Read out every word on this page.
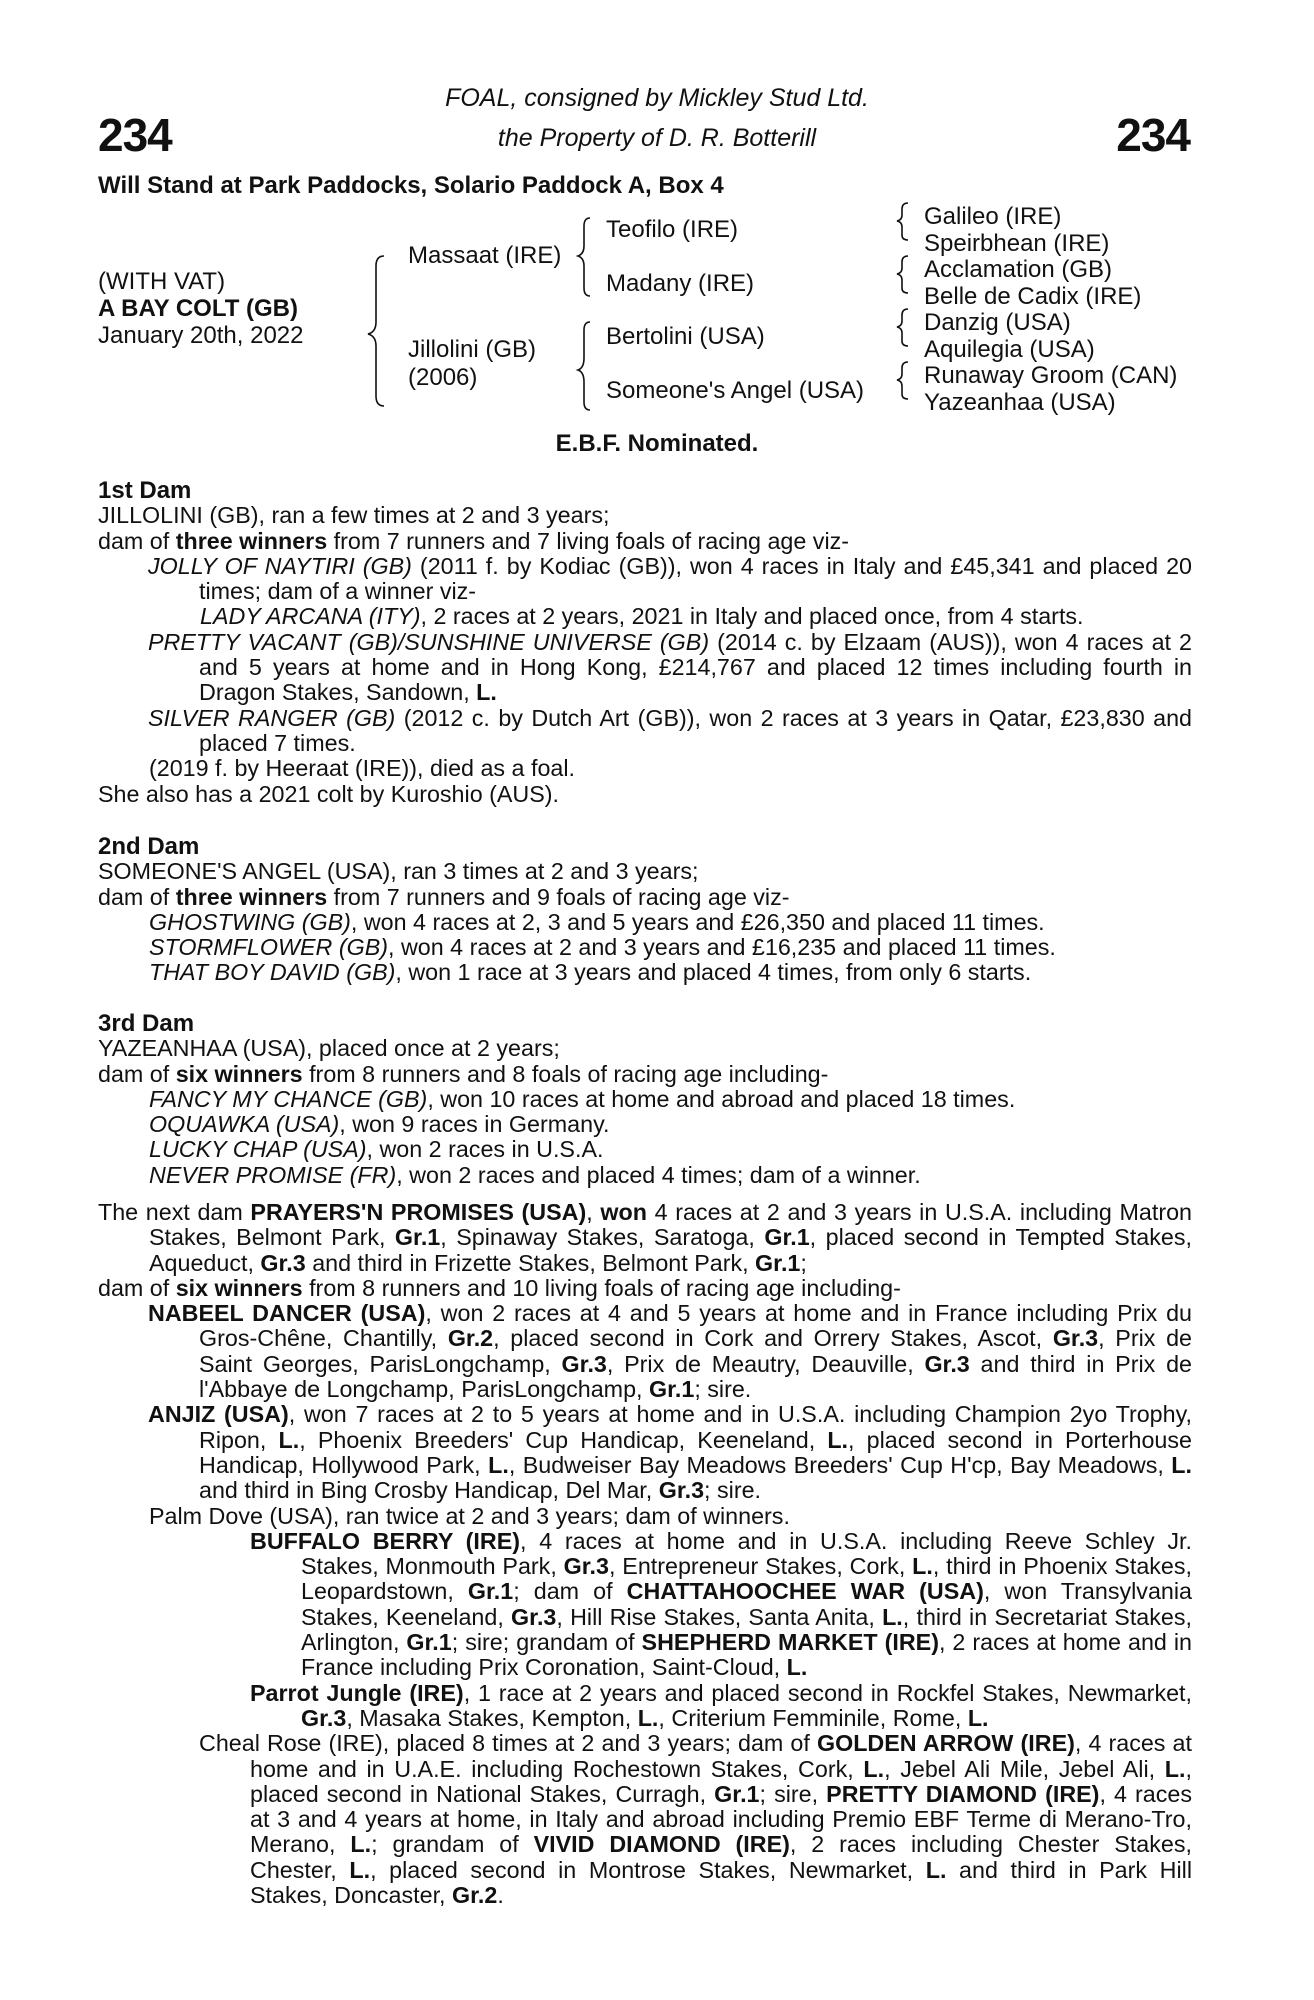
234	234
FOAL, consigned by Mickley Stud Ltd.
the Property of D. R. Botterill
Will Stand at Park Paddocks, Solario Paddock A, Box 4
(WITH VAT)
A BAY COLT (GB)
January 20th, 2022
Massaat (IRE)
Jillolini (GB)
(2006)
Teofilo (IRE)
Madany (IRE)
Bertolini (USA)
Someone's Angel (USA)
Galileo (IRE)
Speirbhean (IRE)
Acclamation (GB)
Belle de Cadix (IRE)
Danzig (USA)
Aquilegia (USA)
Runaway Groom (CAN)
Yazeanhaa (USA)
E.B.F. Nominated.

1st Dam

JILLOLINI (GB), ran a few times at 2 and 3 years;

dam of three winners from 7 runners and 7 living foals of racing age viz-

JOLLY OF NAYTIRI (GB) (2011 f. by Kodiac (GB)), won 4 races in Italy and £45,341 and placed 20 times; dam of a winner viz-

LADY ARCANA (ITY), 2 races at 2 years, 2021 in Italy and placed once, from 4 starts.

PRETTY VACANT (GB)/SUNSHINE UNIVERSE (GB) (2014 c. by Elzaam (AUS)), won 4 races at 2 and 5 years at home and in Hong Kong, £214,767 and placed 12 times including fourth in Dragon Stakes, Sandown, L.

SILVER RANGER (GB) (2012 c. by Dutch Art (GB)), won 2 races at 3 years in Qatar, £23,830 and placed 7 times.

(2019 f. by Heeraat (IRE)), died as a foal.

She also has a 2021 colt by Kuroshio (AUS).

2nd Dam

SOMEONE'S ANGEL (USA), ran 3 times at 2 and 3 years;

dam of three winners from 7 runners and 9 foals of racing age viz-

GHOSTWING (GB), won 4 races at 2, 3 and 5 years and £26,350 and placed 11 times.

STORMFLOWER (GB), won 4 races at 2 and 3 years and £16,235 and placed 11 times.

THAT BOY DAVID (GB), won 1 race at 3 years and placed 4 times, from only 6 starts.

3rd Dam

YAZEANHAA (USA), placed once at 2 years;

dam of six winners from 8 runners and 8 foals of racing age including-

FANCY MY CHANCE (GB), won 10 races at home and abroad and placed 18 times.

OQUAWKA (USA), won 9 races in Germany.

LUCKY CHAP (USA), won 2 races in U.S.A.

NEVER PROMISE (FR), won 2 races and placed 4 times; dam of a winner.

The next dam PRAYERS'N PROMISES (USA), won 4 races at 2 and 3 years in U.S.A. including Matron Stakes, Belmont Park, Gr.1, Spinaway Stakes, Saratoga, Gr.1, placed second in Tempted Stakes, Aqueduct, Gr.3 and third in Frizette Stakes, Belmont Park, Gr.1;

dam of six winners from 8 runners and 10 living foals of racing age including-

NABEEL DANCER (USA), won 2 races at 4 and 5 years at home and in France including Prix du Gros-Chêne, Chantilly, Gr.2, placed second in Cork and Orrery Stakes, Ascot, Gr.3, Prix de Saint Georges, ParisLongchamp, Gr.3, Prix de Meautry, Deauville, Gr.3 and third in Prix de l'Abbaye de Longchamp, ParisLongchamp, Gr.1; sire.

ANJIZ (USA), won 7 races at 2 to 5 years at home and in U.S.A. including Champion 2yo Trophy, Ripon, L., Phoenix Breeders' Cup Handicap, Keeneland, L., placed second in Porterhouse Handicap, Hollywood Park, L., Budweiser Bay Meadows Breeders' Cup H'cp, Bay Meadows, L. and third in Bing Crosby Handicap, Del Mar, Gr.3; sire.

Palm Dove (USA), ran twice at 2 and 3 years; dam of winners.

BUFFALO BERRY (IRE), 4 races at home and in U.S.A. including Reeve Schley Jr. Stakes, Monmouth Park, Gr.3, Entrepreneur Stakes, Cork, L., third in Phoenix Stakes, Leopardstown, Gr.1; dam of CHATTAHOOCHEE WAR (USA), won Transylvania Stakes, Keeneland, Gr.3, Hill Rise Stakes, Santa Anita, L., third in Secretariat Stakes, Arlington, Gr.1; sire; grandam of SHEPHERD MARKET (IRE), 2 races at home and in France including Prix Coronation, Saint-Cloud, L.

Parrot Jungle (IRE), 1 race at 2 years and placed second in Rockfel Stakes, Newmarket, Gr.3, Masaka Stakes, Kempton, L., Criterium Femminile, Rome, L.

Cheal Rose (IRE), placed 8 times at 2 and 3 years; dam of GOLDEN ARROW (IRE), 4 races at home and in U.A.E. including Rochestown Stakes, Cork, L., Jebel Ali Mile, Jebel Ali, L., placed second in National Stakes, Curragh, Gr.1; sire, PRETTY DIAMOND (IRE), 4 races at 3 and 4 years at home, in Italy and abroad including Premio EBF Terme di Merano-Tro, Merano, L.; grandam of VIVID DIAMOND (IRE), 2 races including Chester Stakes, Chester, L., placed second in Montrose Stakes, Newmarket, L. and third in Park Hill Stakes, Doncaster, Gr.2.
